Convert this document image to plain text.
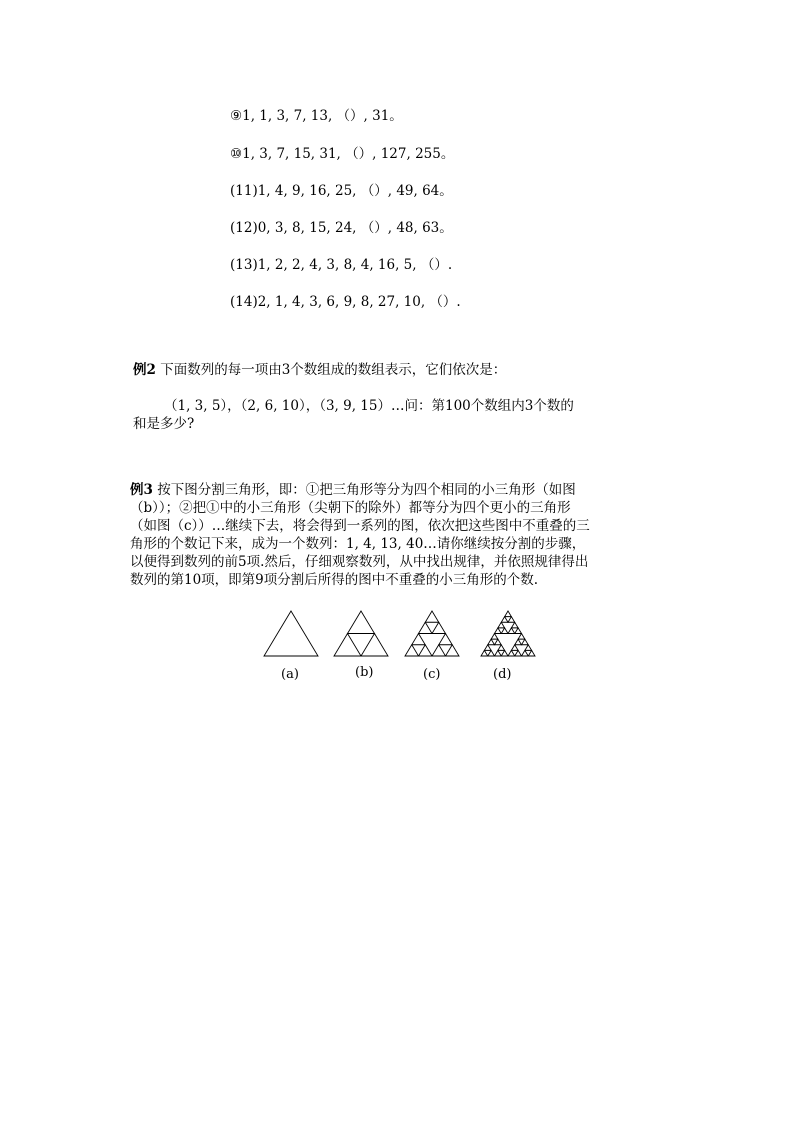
⑨1, 1, 3, 7, 13, （）, 31。
⑩1, 3, 7, 15, 31, （）, 127, 255。
(11)1, 4, 9, 16, 25, （）, 49, 64。
(12)0, 3, 8, 15, 24, （）, 48, 63。
(13)1, 2, 2, 4, 3, 8, 4, 16, 5, （）.
(14)2, 1, 4, 3, 6, 9, 8, 27, 10, （）.
例2 下面数列的每一项由3个数组成的数组表示，它们依次是：
（1, 3, 5），（2, 6, 10），（3, 9, 15）…问：第100个数组内3个数的
和是多少?
例3 按下图分割三角形，即：①把三角形等分为四个相同的小三角形（如图
（b））；②把①中的小三角形（尖朝下的除外）都等分为四个更小的三角形
（如图（c））…继续下去，将会得到一系列的图，依次把这些图中不重叠的三
角形的个数记下来，成为一个数列：1, 4, 13, 40…请你继续按分割的步骤，
以便得到数列的前5项.然后，仔细观察数列，从中找出规律，并依照规律得出
数列的第10项，即第9项分割后所得的图中不重叠的小三角形的个数.
(a)	(b)	(c)	(d)
